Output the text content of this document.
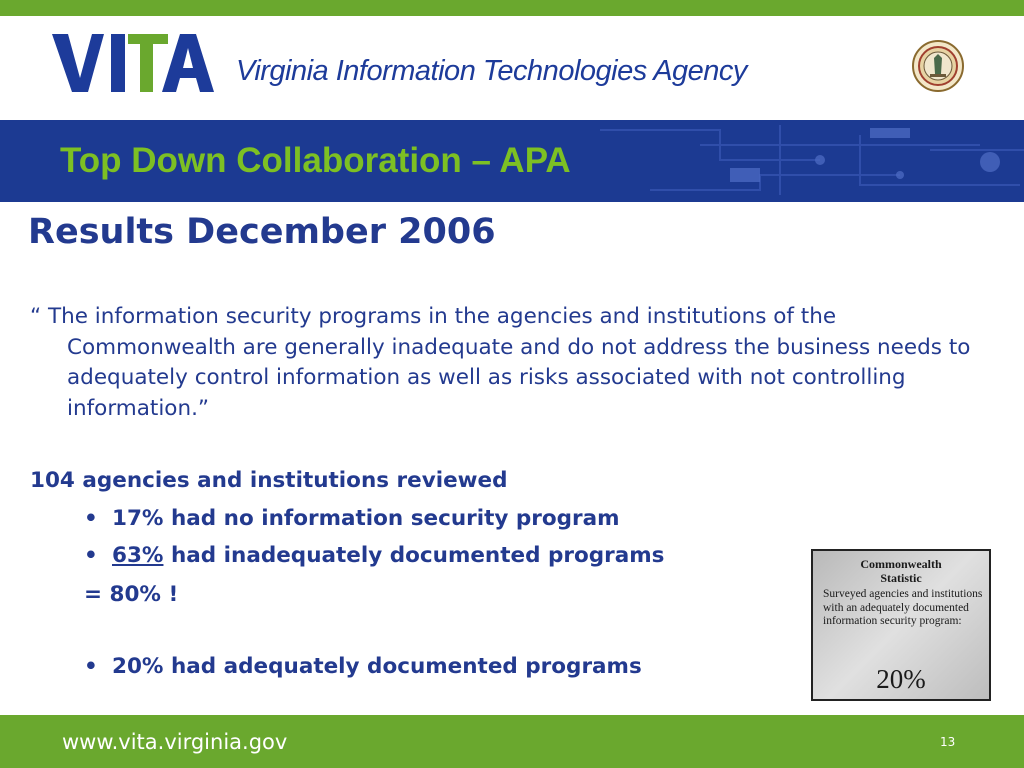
Virginia Information Technologies Agency
Top Down Collaboration – APA
Results December 2006

“ The information security programs in the agencies and institutions of the Commonwealth are generally inadequate and do not address the business needs to adequately control information as well as risks associated with not controlling information.”

104 agencies and institutions reviewed
• 17% had no information security program
• 63% had inadequately documented programs
= 80% !
• 20% had adequately documented programs
Commonwealth
Statistic
Surveyed agencies and institutions with an adequately documented information security program:
20%
www.vita.virginia.gov	13
